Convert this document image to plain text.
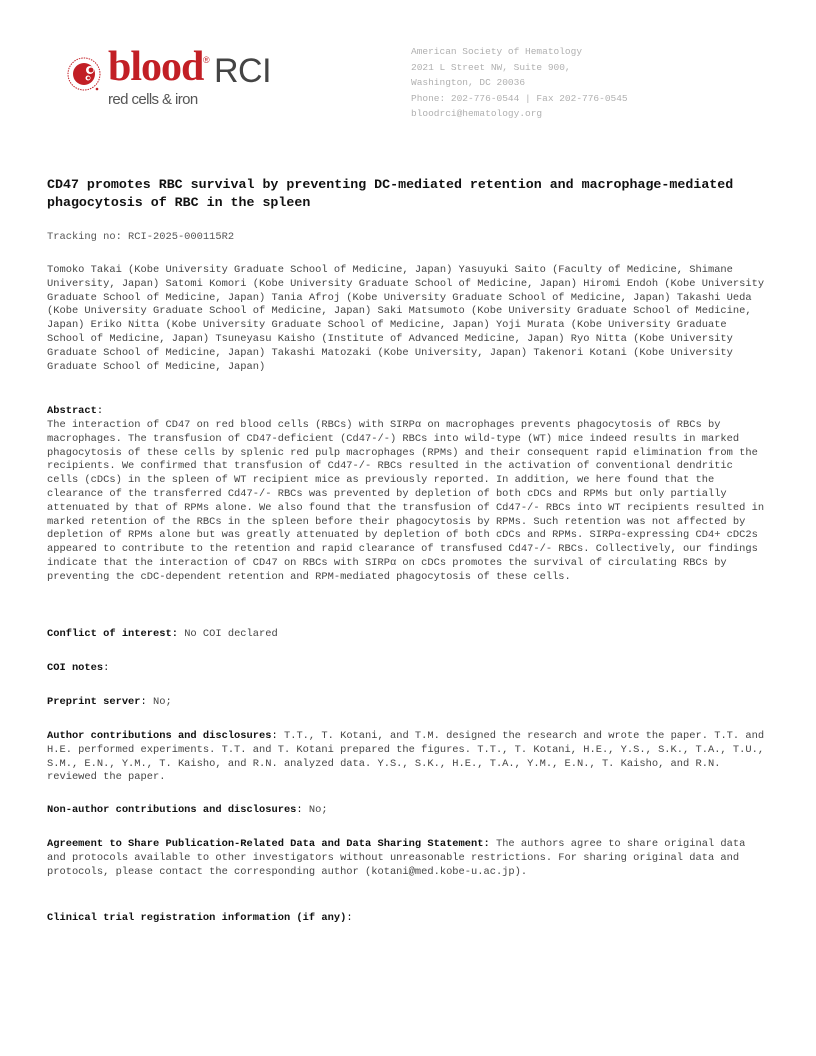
blood ® RCI
red cells & iron
American Society of Hematology
2021 L Street NW, Suite 900,
Washington, DC 20036
Phone: 202-776-0544 | Fax 202-776-0545
bloodrci@hematology.org
CD47 promotes RBC survival by preventing DC-mediated retention and macrophage-mediated phagocytosis of RBC in the spleen
Tracking no: RCI-2025-000115R2
Tomoko Takai (Kobe University Graduate School of Medicine, Japan) Yasuyuki Saito (Faculty of Medicine, Shimane University, Japan) Satomi Komori (Kobe University Graduate School of Medicine, Japan) Hiromi Endoh (Kobe University Graduate School of Medicine, Japan) Tania Afroj (Kobe University Graduate School of Medicine, Japan) Takashi Ueda (Kobe University Graduate School of Medicine, Japan) Saki Matsumoto (Kobe University Graduate School of Medicine, Japan) Eriko Nitta (Kobe University Graduate School of Medicine, Japan) Yoji Murata (Kobe University Graduate School of Medicine, Japan) Tsuneyasu Kaisho (Institute of Advanced Medicine, Japan) Ryo Nitta (Kobe University Graduate School of Medicine, Japan) Takashi Matozaki (Kobe University, Japan) Takenori Kotani (Kobe University Graduate School of Medicine, Japan)
Abstract:
The interaction of CD47 on red blood cells (RBCs) with SIRPα on macrophages prevents phagocytosis of RBCs by macrophages. The transfusion of CD47-deficient (Cd47-/-) RBCs into wild-type (WT) mice indeed results in marked phagocytosis of these cells by splenic red pulp macrophages (RPMs) and their consequent rapid elimination from the recipients. We confirmed that transfusion of Cd47-/- RBCs resulted in the activation of conventional dendritic cells (cDCs) in the spleen of WT recipient mice as previously reported. In addition, we here found that the clearance of the transferred Cd47-/- RBCs was prevented by depletion of both cDCs and RPMs but only partially attenuated by that of RPMs alone. We also found that the transfusion of Cd47-/- RBCs into WT recipients resulted in marked retention of the RBCs in the spleen before their phagocytosis by RPMs. Such retention was not affected by depletion of RPMs alone but was greatly attenuated by depletion of both cDCs and RPMs. SIRPα-expressing CD4+ cDC2s appeared to contribute to the retention and rapid clearance of transfused Cd47-/- RBCs. Collectively, our findings indicate that the interaction of CD47 on RBCs with SIRPα on cDCs promotes the survival of circulating RBCs by preventing the cDC-dependent retention and RPM-mediated phagocytosis of these cells.
Conflict of interest: No COI declared
COI notes:
Preprint server: No;
Author contributions and disclosures: T.T., T. Kotani, and T.M. designed the research and wrote the paper. T.T. and H.E. performed experiments. T.T. and T. Kotani prepared the figures. T.T., T. Kotani, H.E., Y.S., S.K., T.A., T.U., S.M., E.N., Y.M., T. Kaisho, and R.N. analyzed data. Y.S., S.K., H.E., T.A., Y.M., E.N., T. Kaisho, and R.N. reviewed the paper.
Non-author contributions and disclosures: No;
Agreement to Share Publication-Related Data and Data Sharing Statement: The authors agree to share original data and protocols available to other investigators without unreasonable restrictions. For sharing original data and protocols, please contact the corresponding author (kotani@med.kobe-u.ac.jp).
Clinical trial registration information (if any):
